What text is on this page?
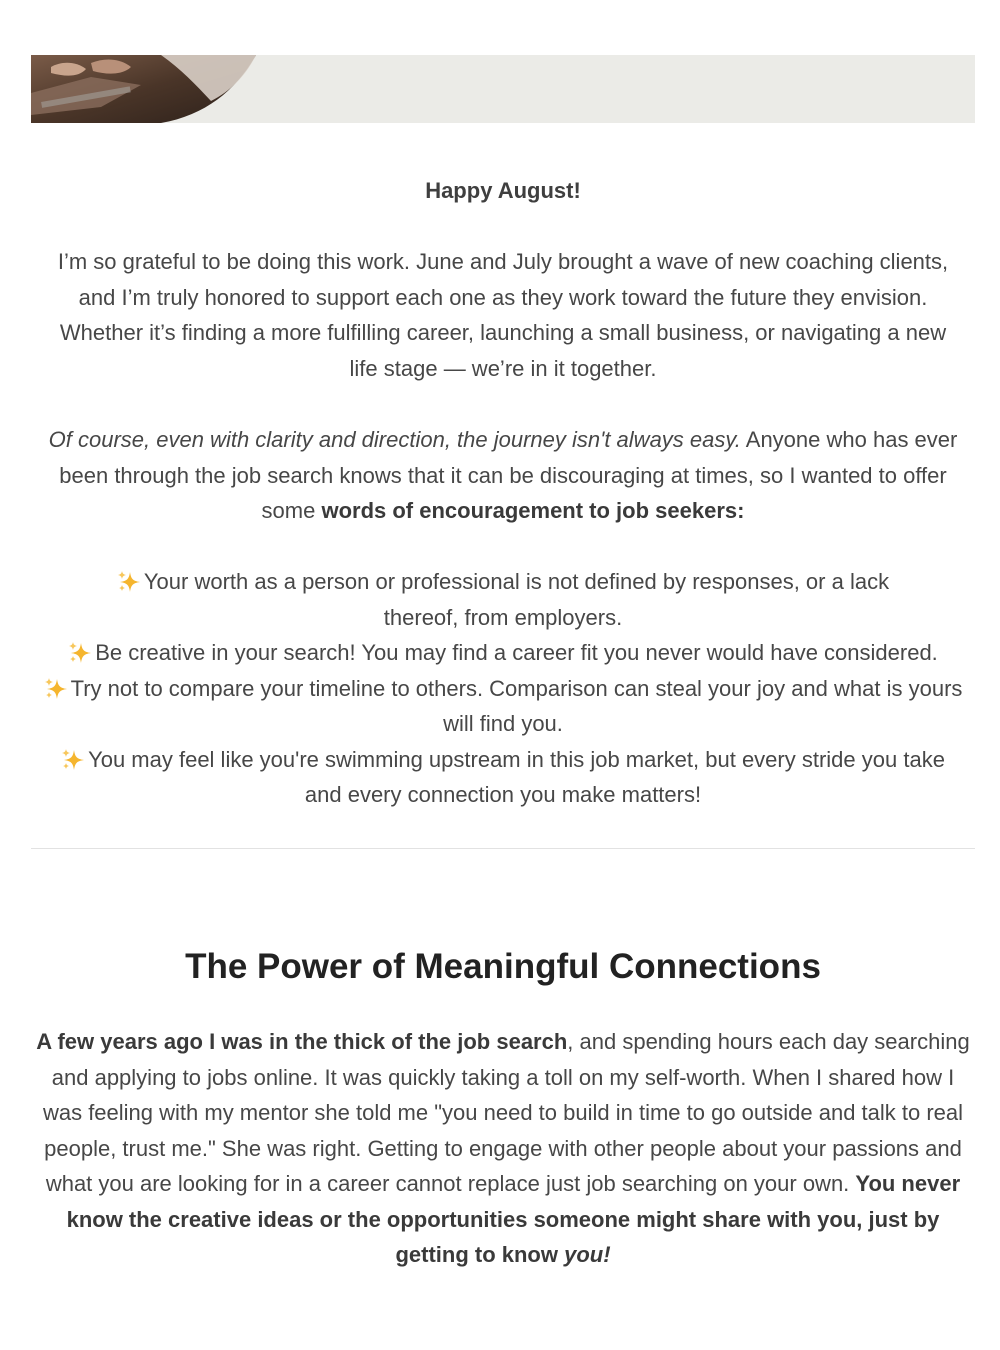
Happy August!

I’m so grateful to be doing this work. June and July brought a wave of new coaching clients, and I’m truly honored to support each one as they work toward the future they envision. Whether it’s finding a more fulfilling career, launching a small business, or navigating a new life stage — we’re in it together.

Of course, even with clarity and direction, the journey isn't always easy. Anyone who has ever been through the job search knows that it can be discouraging at times, so I wanted to offer some words of encouragement to job seekers:

Your worth as a person or professional is not defined by responses, or a lack thereof, from employers.

Be creative in your search! You may find a career fit you never would have considered.

Try not to compare your timeline to others. Comparison can steal your joy and what is yours will find you.

You may feel like you're swimming upstream in this job market, but every stride you take and every connection you make matters!

The Power of Meaningful Connections

A few years ago I was in the thick of the job search, and spending hours each day searching and applying to jobs online. It was quickly taking a toll on my self-worth. When I shared how I was feeling with my mentor she told me "you need to build in time to go outside and talk to real people, trust me." She was right. Getting to engage with other people about your passions and what you are looking for in a career cannot replace just job searching on your own. You never know the creative ideas or the opportunities someone might share with you, just by getting to know you!
